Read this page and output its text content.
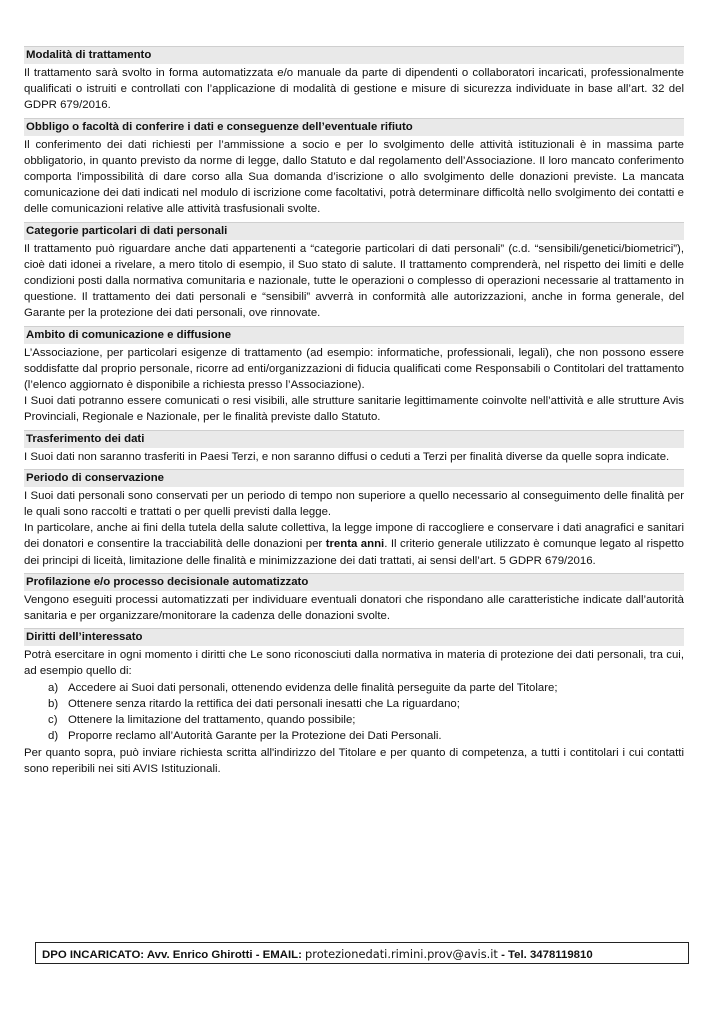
Modalità di trattamento

Il trattamento sarà svolto in forma automatizzata e/o manuale da parte di dipendenti o collaboratori incaricati, professionalmente qualificati o istruiti e controllati con l’applicazione di modalità di gestione e misure di sicurezza individuate in base all’art. 32 del GDPR 679/2016.

Obbligo o facoltà di conferire i dati e conseguenze dell’eventuale rifiuto

Il conferimento dei dati richiesti per l’ammissione a socio e per lo svolgimento delle attività istituzionali è in massima parte obbligatorio, in quanto previsto da norme di legge, dallo Statuto e dal regolamento dell’Associazione. Il loro mancato conferimento comporta l'impossibilità di dare corso alla Sua domanda d’iscrizione o allo svolgimento delle donazioni previste. La mancata comunicazione dei dati indicati nel modulo di iscrizione come facoltativi, potrà determinare difficoltà nello svolgimento dei contatti e delle comunicazioni relative alle attività trasfusionali svolte.

Categorie particolari di dati personali

Il trattamento può riguardare anche dati appartenenti a “categorie particolari di dati personali” (c.d. “sensibili/genetici/biometrici”), cioè dati idonei a rivelare, a mero titolo di esempio, il Suo stato di salute. Il trattamento comprenderà, nel rispetto dei limiti e delle condizioni posti dalla normativa comunitaria e nazionale, tutte le operazioni o complesso di operazioni necessarie al trattamento in questione. Il trattamento dei dati personali e “sensibili” avverrà in conformità alle autorizzazioni, anche in forma generale, del Garante per la protezione dei dati personali, ove rinnovate.

Ambito di comunicazione e diffusione

L’Associazione, per particolari esigenze di trattamento (ad esempio: informatiche, professionali, legali), che non possono essere soddisfatte dal proprio personale, ricorre ad enti/organizzazioni di fiducia qualificati come Responsabili o Contitolari del trattamento (l’elenco aggiornato è disponibile a richiesta presso l’Associazione).

I Suoi dati potranno essere comunicati o resi visibili, alle strutture sanitarie legittimamente coinvolte nell’attività e alle strutture Avis Provinciali, Regionale e Nazionale, per le finalità previste dallo Statuto.

Trasferimento dei dati

I Suoi dati non saranno trasferiti in Paesi Terzi, e non saranno diffusi o ceduti a Terzi per finalità diverse da quelle sopra indicate.

Periodo di conservazione

I Suoi dati personali sono conservati per un periodo di tempo non superiore a quello necessario al conseguimento delle finalità per le quali sono raccolti e trattati o per quelli previsti dalla legge.

In particolare, anche ai fini della tutela della salute collettiva, la legge impone di raccogliere e conservare i dati anagrafici e sanitari dei donatori e consentire la tracciabilità delle donazioni per trenta anni. Il criterio generale utilizzato è comunque legato al rispetto dei principi di liceità, limitazione delle finalità e minimizzazione dei dati trattati, ai sensi dell’art. 5 GDPR 679/2016.

Profilazione e/o processo decisionale automatizzato

Vengono eseguiti processi automatizzati per individuare eventuali donatori che rispondano alle caratteristiche indicate dall’autorità sanitaria e per organizzare/monitorare la cadenza delle donazioni svolte.

Diritti dell’interessato

Potrà esercitare in ogni momento i diritti che Le sono riconosciuti dalla normativa in materia di protezione dei dati personali, tra cui, ad esempio quello di:

a) Accedere ai Suoi dati personali, ottenendo evidenza delle finalità perseguite da parte del Titolare;
b) Ottenere senza ritardo la rettifica dei dati personali inesatti che La riguardano;
c) Ottenere la limitazione del trattamento, quando possibile;
d) Proporre reclamo all’Autorità Garante per la Protezione dei Dati Personali.

Per quanto sopra, può inviare richiesta scritta all'indirizzo del Titolare e per quanto di competenza, a tutti i contitolari i cui contatti sono reperibili nei siti AVIS Istituzionali.

DPO INCARICATO: Avv. Enrico Ghirotti - EMAIL: protezionedati.rimini.prov@avis.it - Tel. 3478119810
